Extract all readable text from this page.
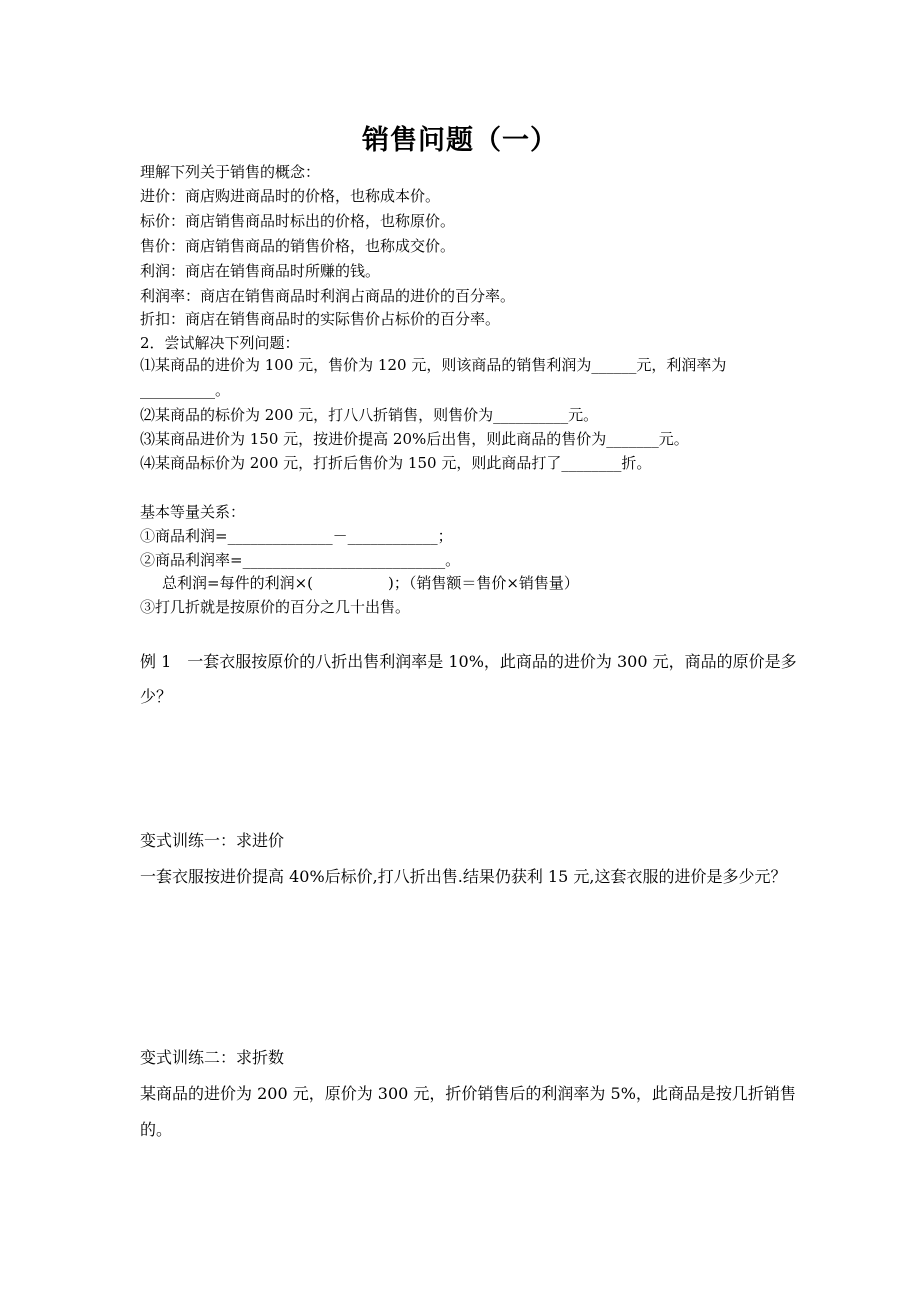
销售问题（一）
理解下列关于销售的概念：
进价：商店购进商品时的价格，也称成本价。
标价：商店销售商品时标出的价格，也称原价。
售价：商店销售商品的销售价格，也称成交价。
利润：商店在销售商品时所赚的钱。
利润率：商店在销售商品时利润占商品的进价的百分率。
折扣：商店在销售商品时的实际售价占标价的百分率。
2．尝试解决下列问题：
⑴某商品的进价为 100 元，售价为 120 元，则该商品的销售利润为______元，利润率为
__________。
⑵某商品的标价为 200 元，打八八折销售，则售价为__________元。
⑶某商品进价为 150 元，按进价提高 20%后出售，则此商品的售价为_______元。
⑷某商品标价为 200 元，打折后售价为 150 元，则此商品打了________折。
基本等量关系：
①商品利润=______________－____________；
②商品利润率=___________________________。
总利润=每件的利润×(　　　　　)；（销售额＝售价×销售量）
③打几折就是按原价的百分之几十出售。
例 1　一套衣服按原价的八折出售利润率是 10%，此商品的进价为 300 元，商品的原价是多
少？
变式训练一：求进价
一套衣服按进价提高 40%后标价,打八折出售.结果仍获利 15 元,这套衣服的进价是多少元？
变式训练二：求折数
某商品的进价为 200 元，原价为 300 元，折价销售后的利润率为 5%，此商品是按几折销售
的。
